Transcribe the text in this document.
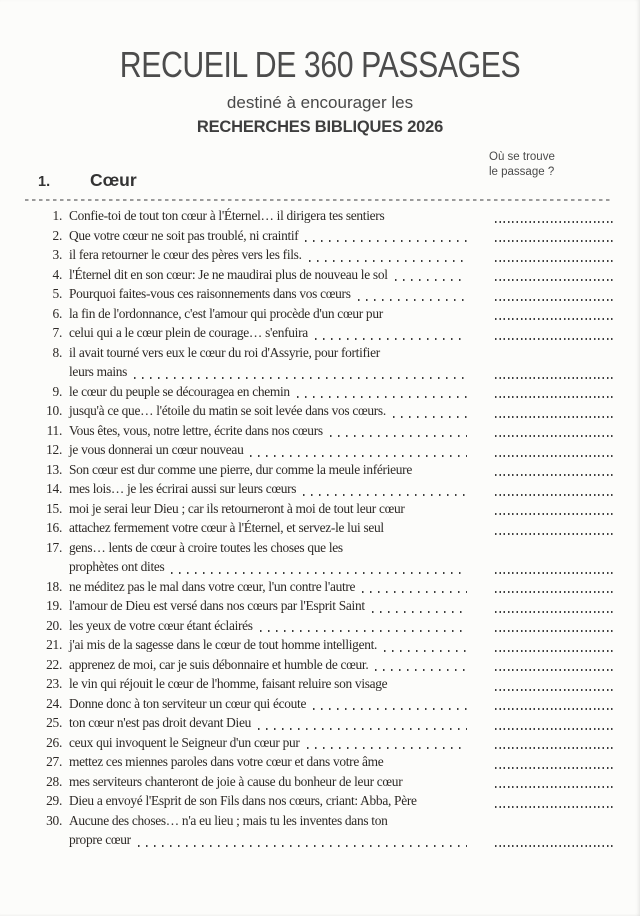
RECUEIL DE 360 PASSAGES
destiné à encourager les
RECHERCHES BIBLIQUES 2026
Où se trouve
le passage ?
1. Cœur
1. Confie-toi de tout ton cœur à l'Éternel… il dirigera tes sentiers
2. Que votre cœur ne soit pas troublé, ni craintif
3. il fera retourner le cœur des pères vers les fils.
4. l'Éternel dit en son cœur: Je ne maudirai plus de nouveau le sol
5. Pourquoi faites-vous ces raisonnements dans vos cœurs
6. la fin de l'ordonnance, c'est l'amour qui procède d'un cœur pur
7. celui qui a le cœur plein de courage… s'enfuira
8. il avait tourné vers eux le cœur du roi d'Assyrie, pour fortifier
leurs mains
9. le cœur du peuple se découragea en chemin
10. jusqu'à ce que… l'étoile du matin se soit levée dans vos cœurs.
11. Vous êtes, vous, notre lettre, écrite dans nos cœurs
12. je vous donnerai un cœur nouveau
13. Son cœur est dur comme une pierre, dur comme la meule inférieure
14. mes lois… je les écrirai aussi sur leurs cœurs
15. moi je serai leur Dieu ; car ils retourneront à moi de tout leur cœur
16. attachez fermement votre cœur à l'Éternel, et servez-le lui seul
17. gens… lents de cœur à croire toutes les choses que les
prophètes ont dites
18. ne méditez pas le mal dans votre cœur, l'un contre l'autre
19. l'amour de Dieu est versé dans nos cœurs par l'Esprit Saint
20. les yeux de votre cœur étant éclairés
21. j'ai mis de la sagesse dans le cœur de tout homme intelligent.
22. apprenez de moi, car je suis débonnaire et humble de cœur.
23. le vin qui réjouit le cœur de l'homme, faisant reluire son visage
24. Donne donc à ton serviteur un cœur qui écoute
25. ton cœur n'est pas droit devant Dieu
26. ceux qui invoquent le Seigneur d'un cœur pur
27. mettez ces miennes paroles dans votre cœur et dans votre âme
28. mes serviteurs chanteront de joie à cause du bonheur de leur cœur
29. Dieu a envoyé l'Esprit de son Fils dans nos cœurs, criant: Abba, Père
30. Aucune des choses… n'a eu lieu ; mais tu les inventes dans ton
propre cœur
